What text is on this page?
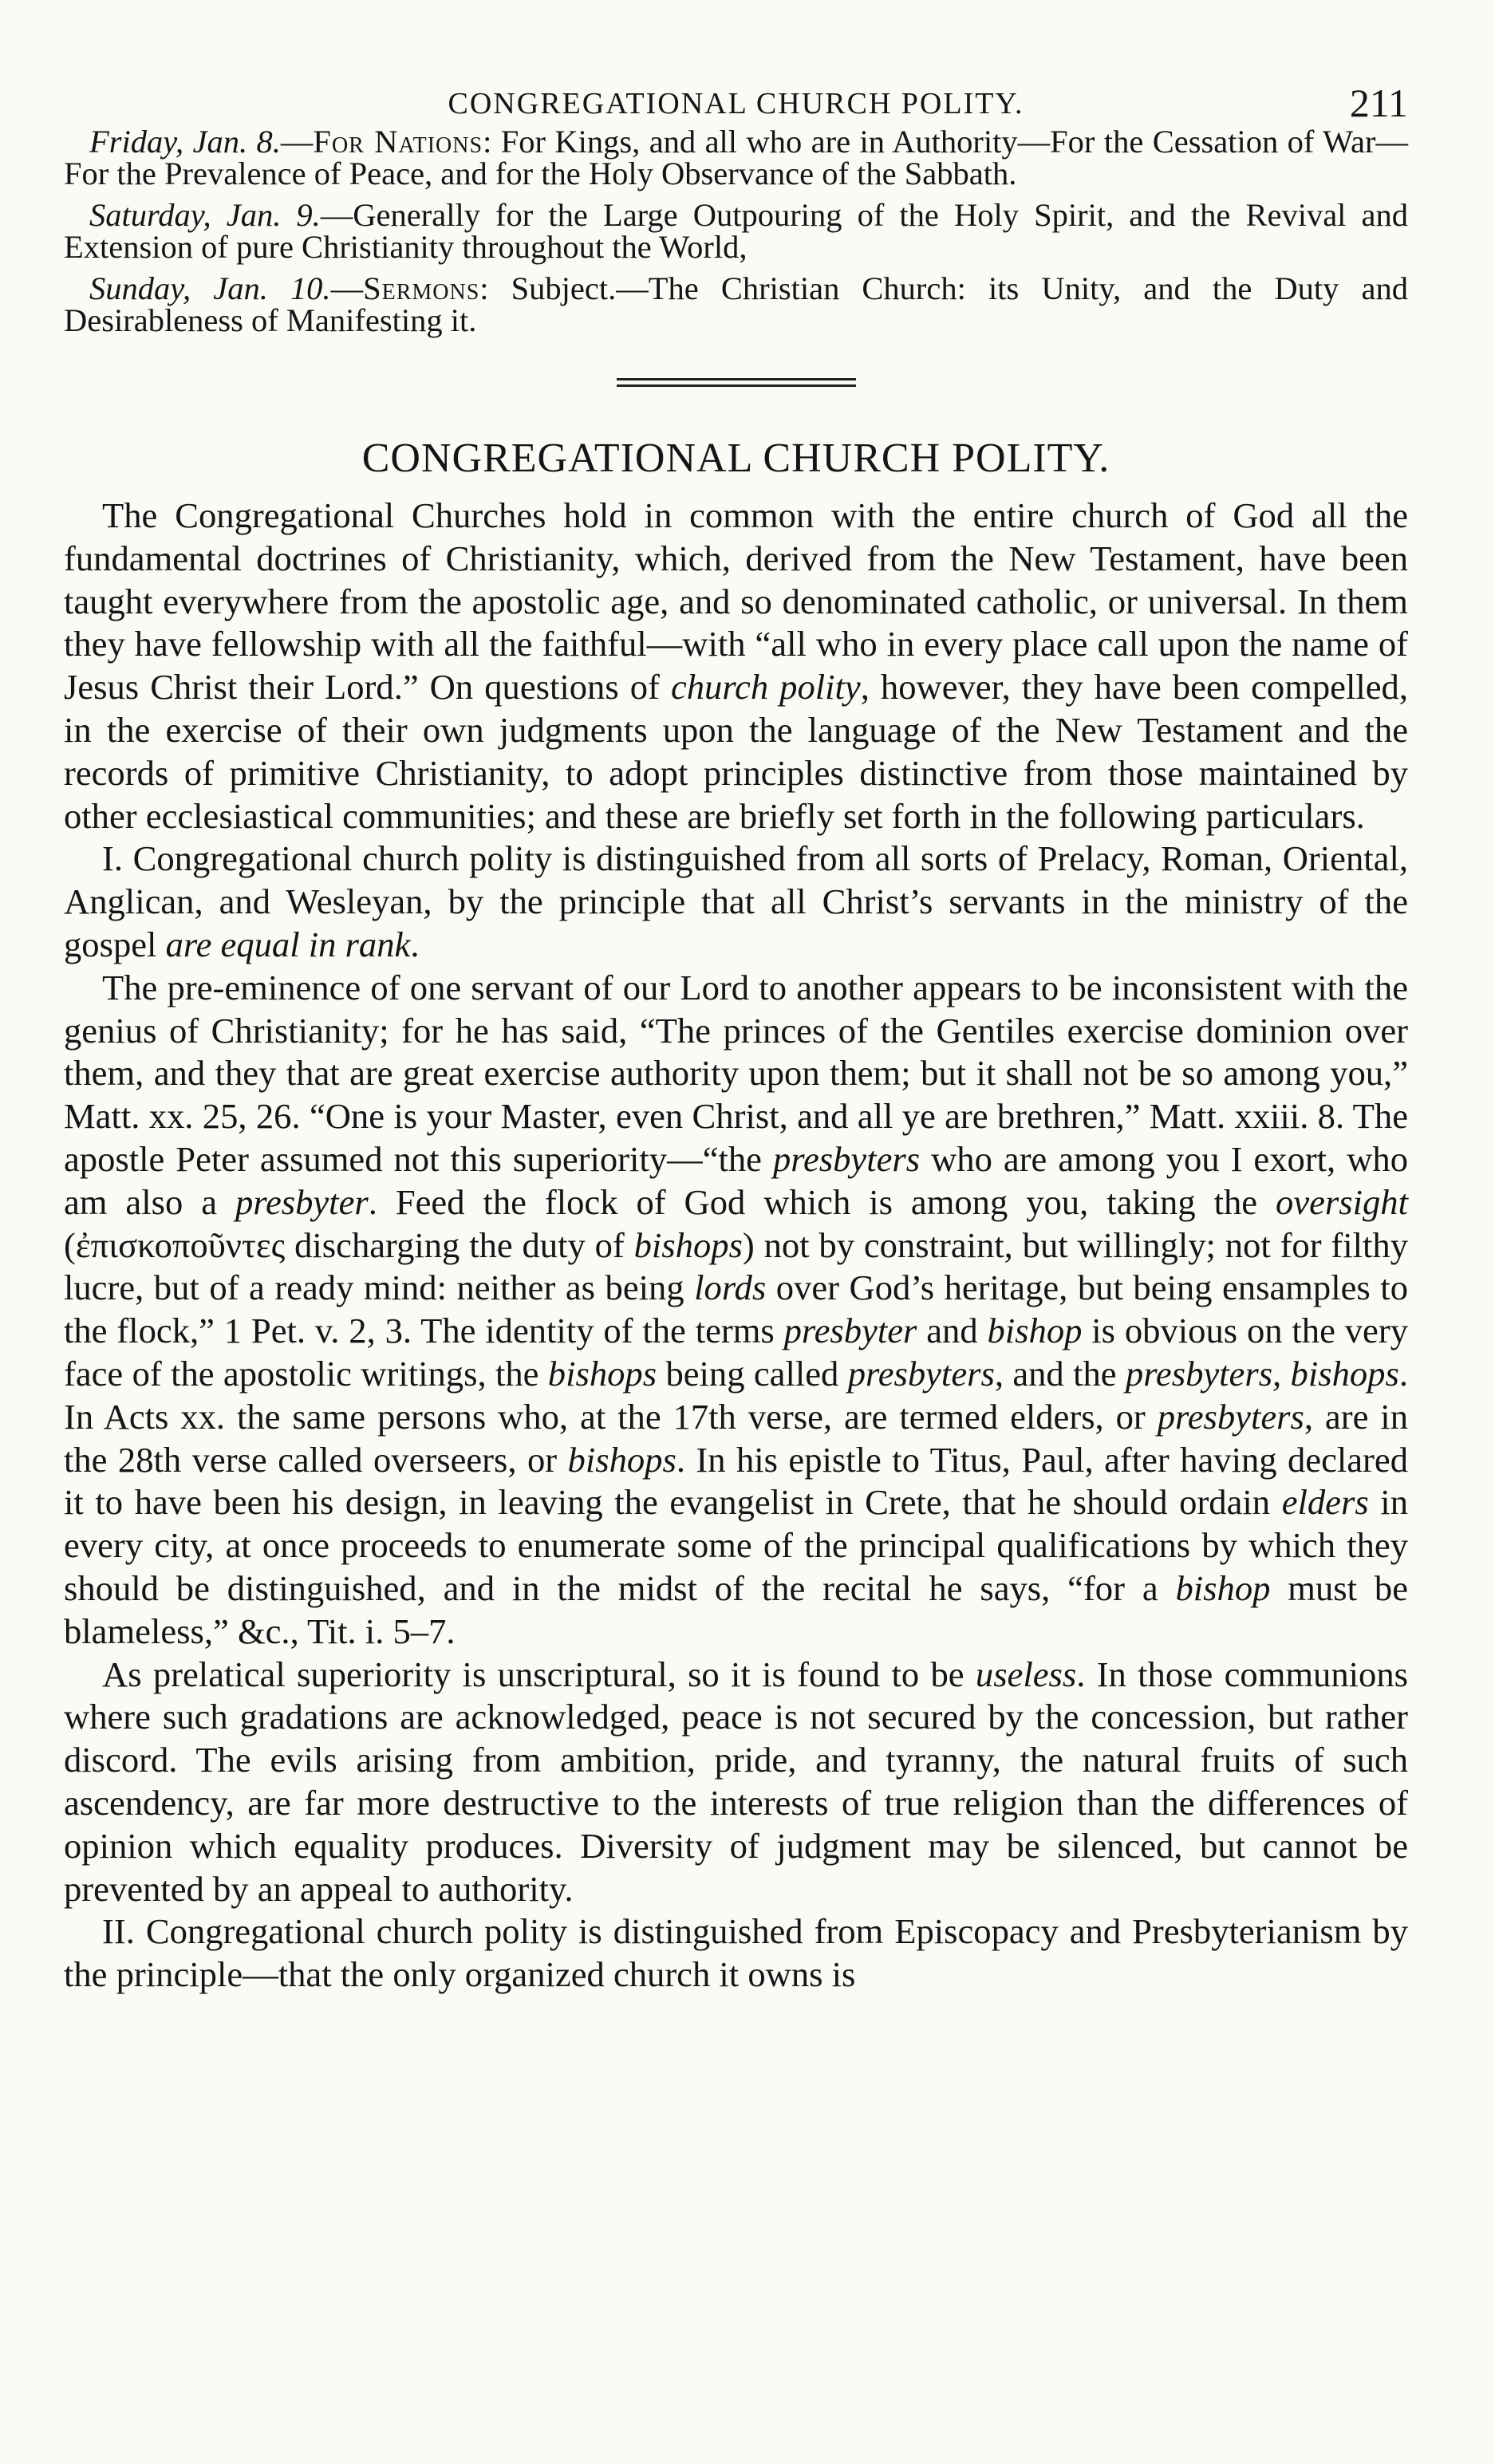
CONGREGATIONAL CHURCH POLITY.	211

Friday, Jan. 8.—For Nations: For Kings, and all who are in Authority—For the Cessation of War—For the Prevalence of Peace, and for the Holy Observance of the Sabbath.

Saturday, Jan. 9.—Generally for the Large Outpouring of the Holy Spirit, and the Revival and Extension of pure Christianity throughout the World,

Sunday, Jan. 10.—Sermons: Subject.—The Christian Church: its Unity, and the Duty and Desirableness of Manifesting it.

CONGREGATIONAL CHURCH POLITY.

The Congregational Churches hold in common with the entire church of God all the fundamental doctrines of Christianity, which, derived from the New Testament, have been taught everywhere from the apostolic age, and so denominated catholic, or universal. In them they have fellowship with all the faithful—with “all who in every place call upon the name of Jesus Christ their Lord.” On questions of church polity, however, they have been compelled, in the exercise of their own judgments upon the language of the New Testament and the records of primitive Christianity, to adopt principles distinctive from those maintained by other ecclesiastical communities; and these are briefly set forth in the following particulars.

I. Congregational church polity is distinguished from all sorts of Prelacy, Roman, Oriental, Anglican, and Wesleyan, by the principle that all Christ’s servants in the ministry of the gospel are equal in rank.

The pre-eminence of one servant of our Lord to another appears to be inconsistent with the genius of Christianity; for he has said, “The princes of the Gentiles exercise dominion over them, and they that are great exercise authority upon them; but it shall not be so among you,” Matt. xx. 25, 26. “One is your Master, even Christ, and all ye are brethren,” Matt. xxiii. 8. The apostle Peter assumed not this superiority—“the presbyters who are among you I exort, who am also a presbyter. Feed the flock of God which is among you, taking the oversight (ἐπισκοποῦντες discharging the duty of bishops) not by constraint, but willingly; not for filthy lucre, but of a ready mind: neither as being lords over God’s heritage, but being ensamples to the flock,” 1 Pet. v. 2, 3. The identity of the terms presbyter and bishop is obvious on the very face of the apostolic writings, the bishops being called presbyters, and the presbyters, bishops. In Acts xx. the same persons who, at the 17th verse, are termed elders, or presbyters, are in the 28th verse called overseers, or bishops. In his epistle to Titus, Paul, after having declared it to have been his design, in leaving the evangelist in Crete, that he should ordain elders in every city, at once proceeds to enumerate some of the principal qualifications by which they should be distinguished, and in the midst of the recital he says, “for a bishop must be blameless,” &c., Tit. i. 5–7.

As prelatical superiority is unscriptural, so it is found to be useless. In those communions where such gradations are acknowledged, peace is not secured by the concession, but rather discord. The evils arising from ambition, pride, and tyranny, the natural fruits of such ascendency, are far more destructive to the interests of true religion than the differences of opinion which equality produces. Diversity of judgment may be silenced, but cannot be prevented by an appeal to authority.

II. Congregational church polity is distinguished from Episcopacy and Presbyterianism by the principle—that the only organized church it owns is
